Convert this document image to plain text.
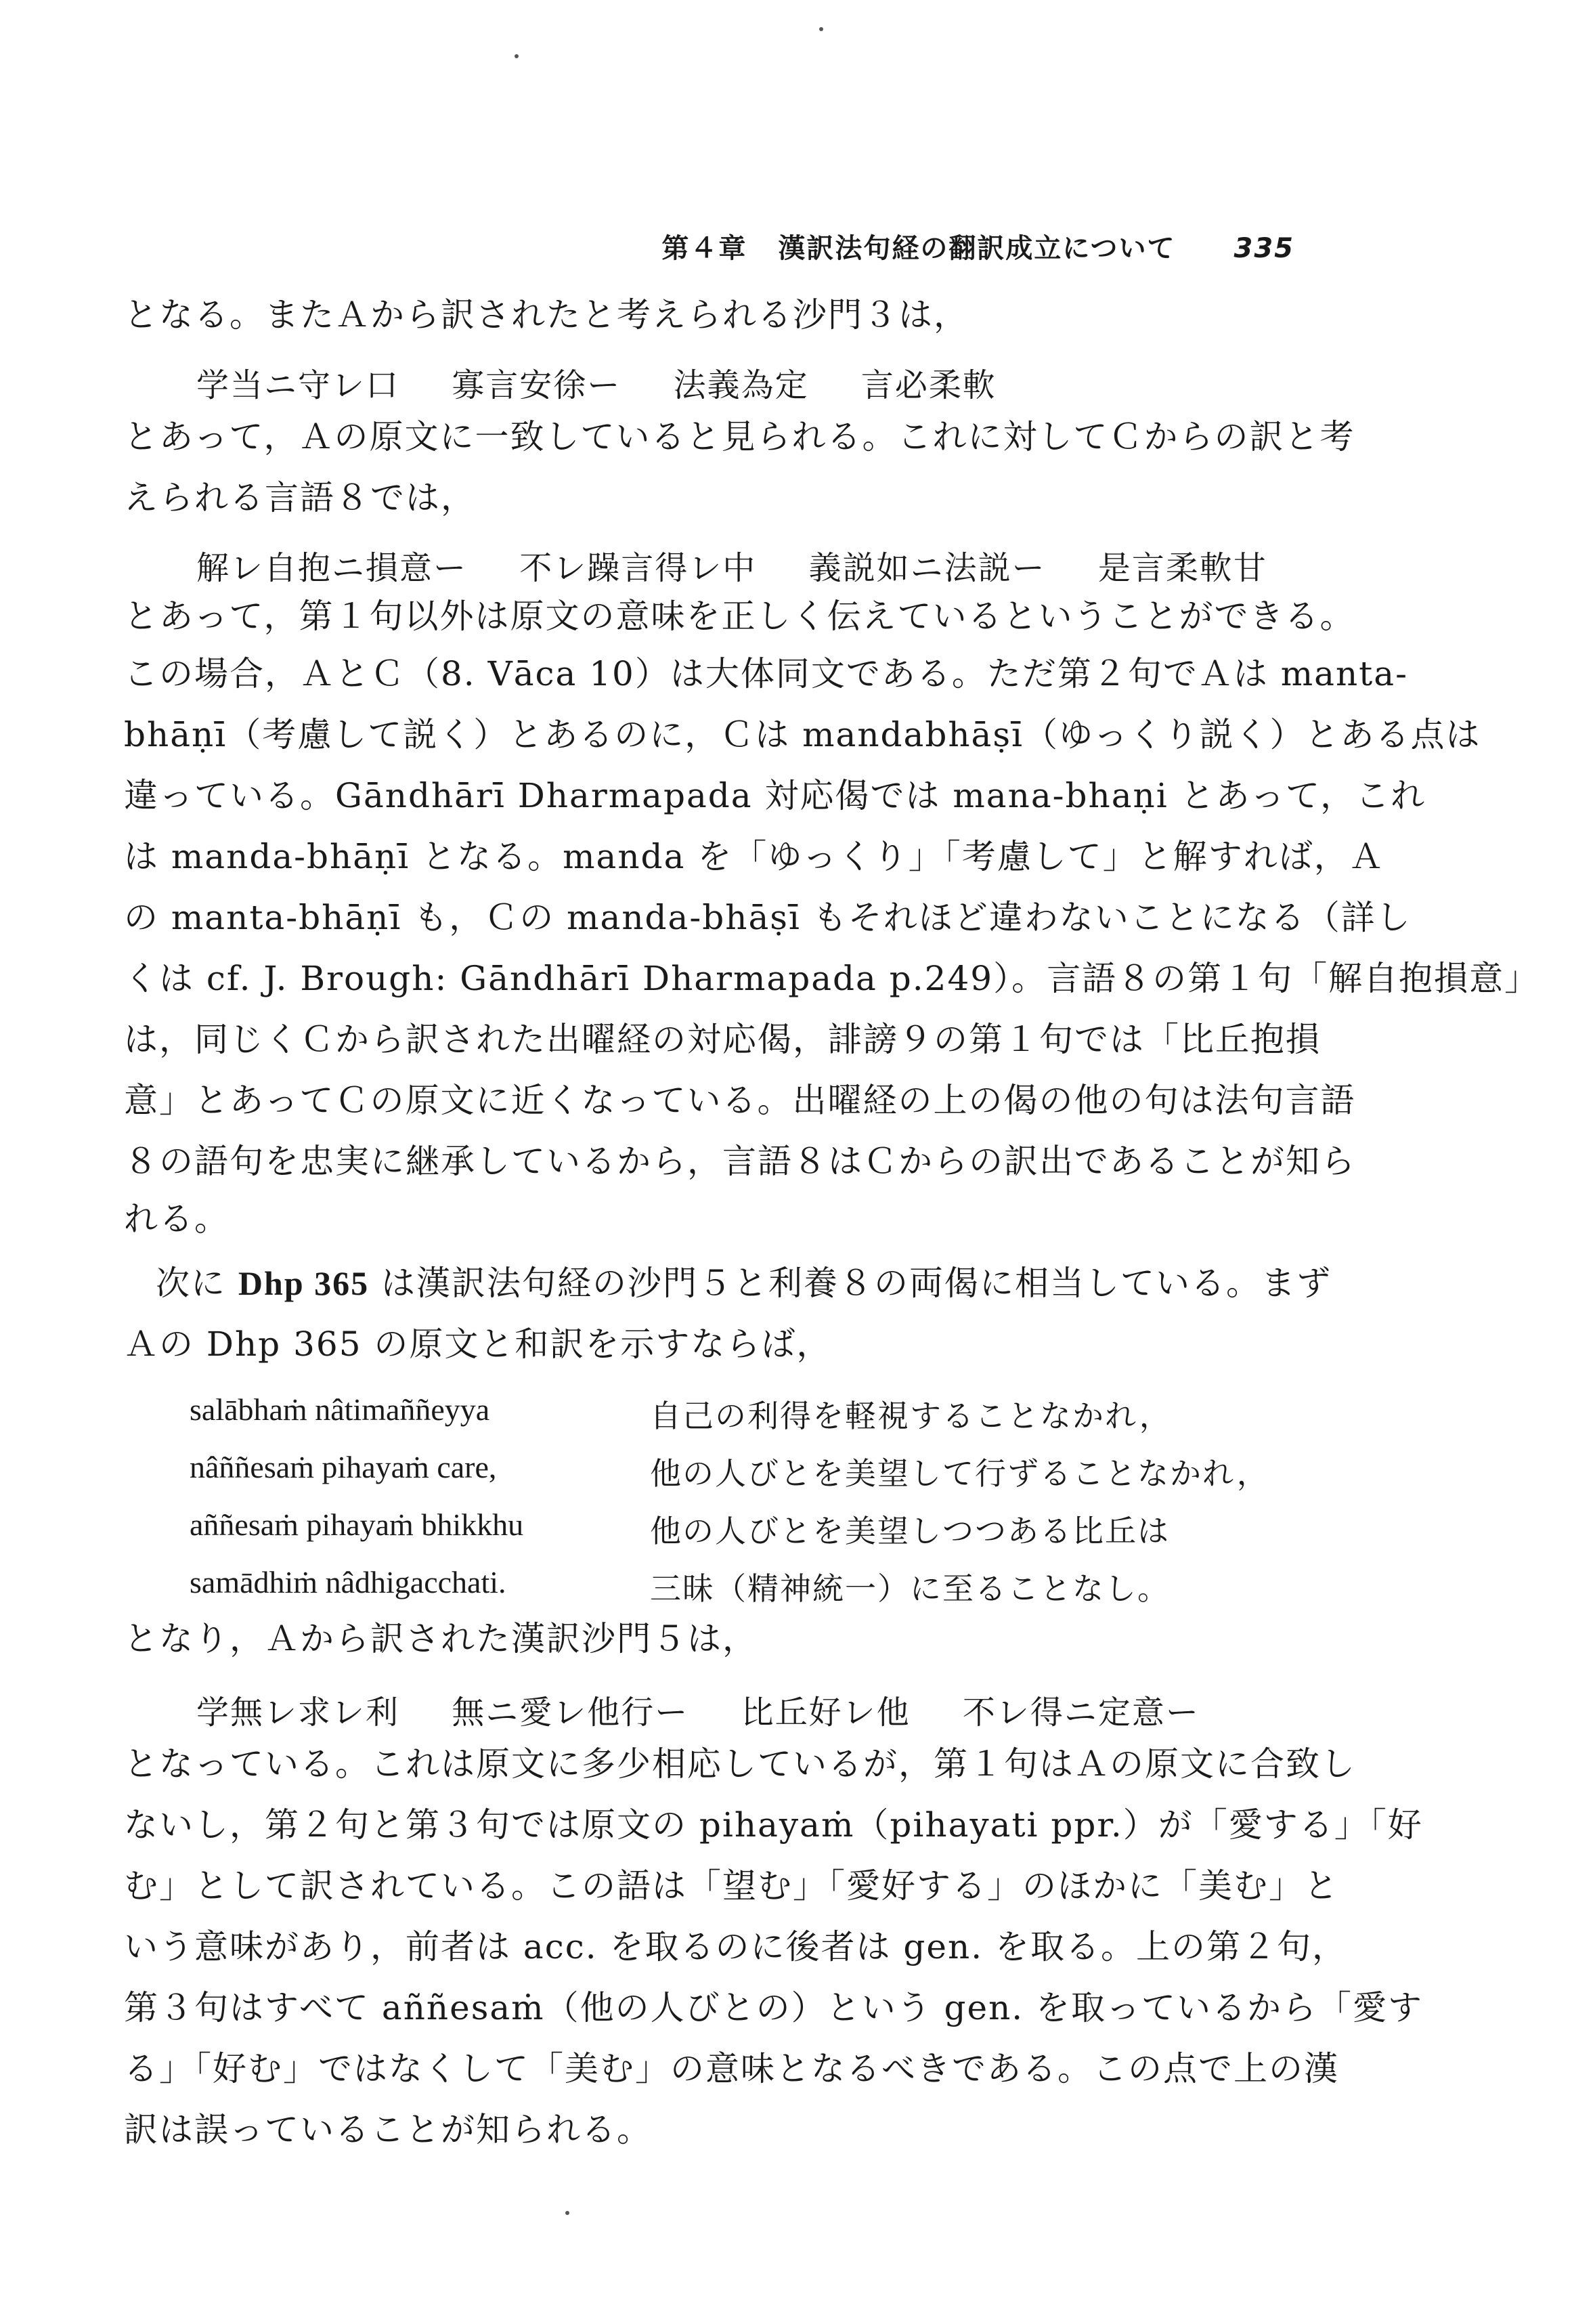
第４章 漢訳法句経の翻訳成立について 335
となる。またＡから訳されたと考えられる沙門３は，
学当ニ守レ口 寡言安徐ー 法義為定 言必柔軟
とあって，Ａの原文に一致していると見られる。これに対してＣからの訳と考
えられる言語８では，
解レ自抱ニ損意ー 不レ躁言得レ中 義説如ニ法説ー 是言柔軟甘
とあって，第１句以外は原文の意味を正しく伝えているということができる。
この場合，ＡとＣ（8. Vāca 10）は大体同文である。ただ第２句でＡは manta-
bhāṇī（考慮して説く）とあるのに，Ｃは mandabhāṣī（ゆっくり説く）とある点は
違っている。Gāndhārī Dharmapada 対応偈では mana-bhaṇi とあって，これ
は manda-bhāṇī となる。manda を「ゆっくり」「考慮して」と解すれば，Ａ
の manta-bhāṇī も，Ｃの manda-bhāṣī もそれほど違わないことになる（詳し
くは cf. J. Brough: Gāndhārī Dharmapada p.249）。言語８の第１句「解自抱損意」
は，同じくＣから訳された出曜経の対応偈，誹謗９の第１句では「比丘抱損
意」とあってＣの原文に近くなっている。出曜経の上の偈の他の句は法句言語
８の語句を忠実に継承しているから，言語８はＣからの訳出であることが知ら
れる。
次に Dhp 365 は漢訳法句経の沙門５と利養８の両偈に相当している。まず
Ａの Dhp 365 の原文と和訳を示すならば，
salābhaṁ nâtimaññeyya	自己の利得を軽視することなかれ，
nâññesaṁ pihayaṁ care,	他の人びとを美望して行ずることなかれ，
aññesaṁ pihayaṁ bhikkhu	他の人びとを美望しつつある比丘は
samādhiṁ nâdhigacchati.	三昧（精神統一）に至ることなし。
となり，Ａから訳された漢訳沙門５は，
学無レ求レ利 無ニ愛レ他行ー 比丘好レ他 不レ得ニ定意ー
となっている。これは原文に多少相応しているが，第１句はＡの原文に合致し
ないし，第２句と第３句では原文の pihayaṁ（pihayati ppr.）が「愛する」「好
む」として訳されている。この語は「望む」「愛好する」のほかに「美む」と
いう意味があり，前者は acc. を取るのに後者は gen. を取る。上の第２句，
第３句はすべて aññesaṁ（他の人びとの）という gen. を取っているから「愛す
る」「好む」ではなくして「美む」の意味となるべきである。この点で上の漢
訳は誤っていることが知られる。
